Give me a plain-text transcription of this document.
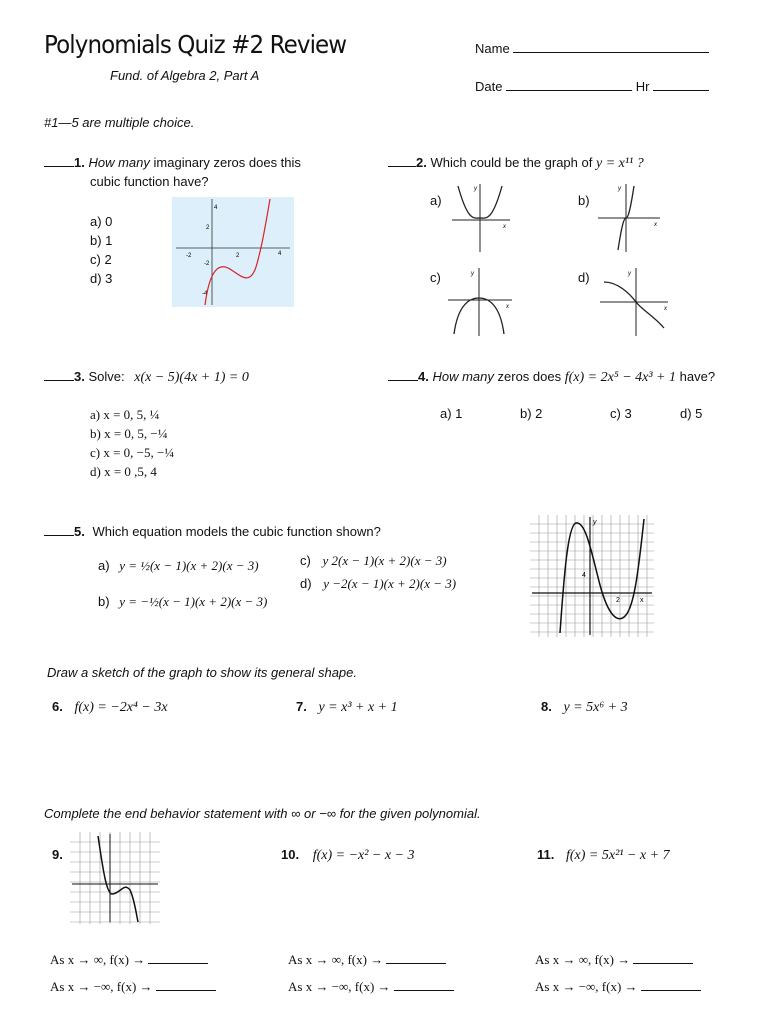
Polynomials Quiz #2 Review
Fund. of Algebra 2, Part A
Name
Date	Hr
#1—5 are multiple choice.
1. How many imaginary zeros does this
cubic function have?
a) 0
b) 1
c) 2
d) 3
4
2
-2
-2
2	4
-4
2. Which could be the graph of y = x¹¹ ?
a)	b)
c)	d)
y
x
y
x
y
x
y
x
3. Solve: x(x − 5)(4x + 1) = 0
a) x = 0, 5, ¼
b) x = 0, 5, −¼
c) x = 0, −5, −¼
d) x = 0 ,5, 4
4. How many zeros does f(x) = 2x⁵ − 4x³ + 1 have?
a) 1	b) 2	c) 3	d) 5
5. Which equation models the cubic function shown?
a) y = ½(x − 1)(x + 2)(x − 3)
b) y = −½(x − 1)(x + 2)(x − 3)
c) y 2(x − 1)(x + 2)(x − 3)
d) y −2(x − 1)(x + 2)(x − 3)
y
4
2	x
Draw a sketch of the graph to show its general shape.
6. f(x) = −2x⁴ − 3x	7. y = x³ + x + 1	8. y = 5x⁶ + 3
Complete the end behavior statement with ∞ or −∞ for the given polynomial.
9.	10. f(x) = −x² − x − 3	11. f(x) = 5x²¹ − x + 7
As x → ∞, f(x) →
As x → −∞, f(x) →
As x → ∞, f(x) →
As x → −∞, f(x) →
As x → ∞, f(x) →
As x → −∞, f(x) →
